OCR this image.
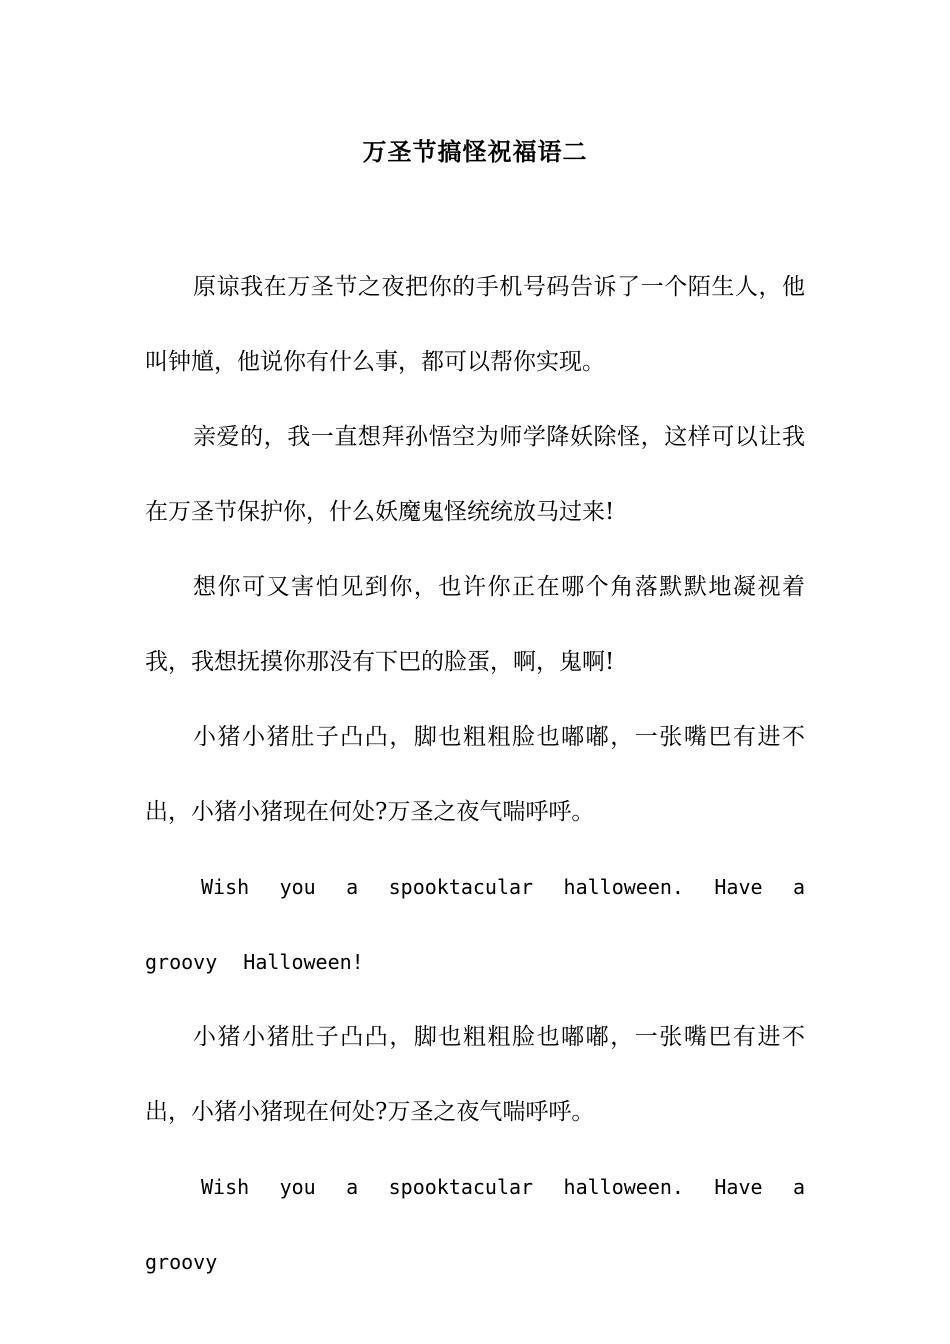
万圣节搞怪祝福语二

原谅我在万圣节之夜把你的手机号码告诉了一个陌生人，他叫钟馗，他说你有什么事，都可以帮你实现。

亲爱的，我一直想拜孙悟空为师学降妖除怪，这样可以让我在万圣节保护你，什么妖魔鬼怪统统放马过来!

想你可又害怕见到你，也许你正在哪个角落默默地凝视着我，我想抚摸你那没有下巴的脸蛋，啊，鬼啊!

小猪小猪肚子凸凸，脚也粗粗脸也嘟嘟，一张嘴巴有进不出，小猪小猪现在何处?万圣之夜气喘呼呼。

Wish you a spooktacular halloween. Have a groovy Halloween!

小猪小猪肚子凸凸，脚也粗粗脸也嘟嘟，一张嘴巴有进不出，小猪小猪现在何处?万圣之夜气喘呼呼。

Wish you a spooktacular halloween. Have a groovy
